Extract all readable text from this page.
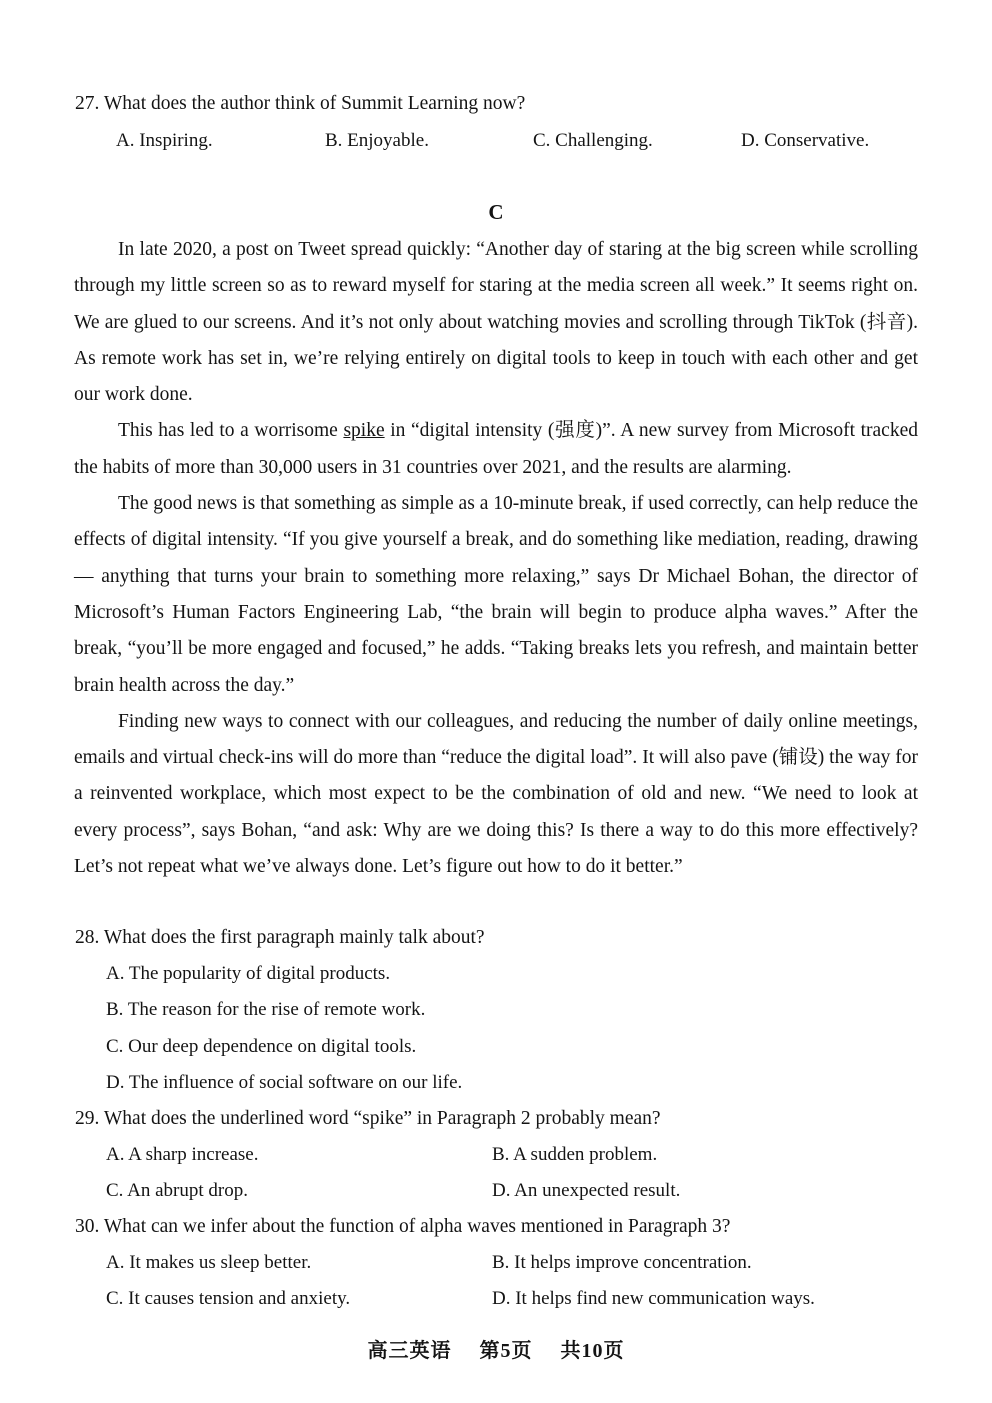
27. What does the author think of Summit Learning now?
A. Inspiring.	B. Enjoyable.	C. Challenging.	D. Conservative.
C

In late 2020, a post on Tweet spread quickly: “Another day of staring at the big screen while scrolling through my little screen so as to reward myself for staring at the media screen all week.” It seems right on. We are glued to our screens. And it’s not only about watching movies and scrolling through TikTok (抖音). As remote work has set in, we’re relying entirely on digital tools to keep in touch with each other and get our work done.

This has led to a worrisome spike in “digital intensity (强度)”. A new survey from Microsoft tracked the habits of more than 30,000 users in 31 countries over 2021, and the results are alarming.

The good news is that something as simple as a 10-minute break, if used correctly, can help reduce the effects of digital intensity. “If you give yourself a break, and do something like mediation, reading, drawing — anything that turns your brain to something more relaxing,” says Dr Michael Bohan, the director of Microsoft’s Human Factors Engineering Lab, “the brain will begin to produce alpha waves.” After the break, “you’ll be more engaged and focused,” he adds. “Taking breaks lets you refresh, and maintain better brain health across the day.”

Finding new ways to connect with our colleagues, and reducing the number of daily online meetings, emails and virtual check-ins will do more than “reduce the digital load”. It will also pave (铺设) the way for a reinvented workplace, which most expect to be the combination of old and new. “We need to look at every process”, says Bohan, “and ask: Why are we doing this? Is there a way to do this more effectively? Let’s not repeat what we’ve always done. Let’s figure out how to do it better.”

28. What does the first paragraph mainly talk about?
A. The popularity of digital products.
B. The reason for the rise of remote work.
C. Our deep dependence on digital tools.
D. The influence of social software on our life.
29. What does the underlined word “spike” in Paragraph 2 probably mean?
A. A sharp increase.	B. A sudden problem.
C. An abrupt drop.	D. An unexpected result.
30. What can we infer about the function of alpha waves mentioned in Paragraph 3?
A. It makes us sleep better.	B. It helps improve concentration.
C. It causes tension and anxiety.	D. It helps find new communication ways.
高三英语 第5页 共10页
